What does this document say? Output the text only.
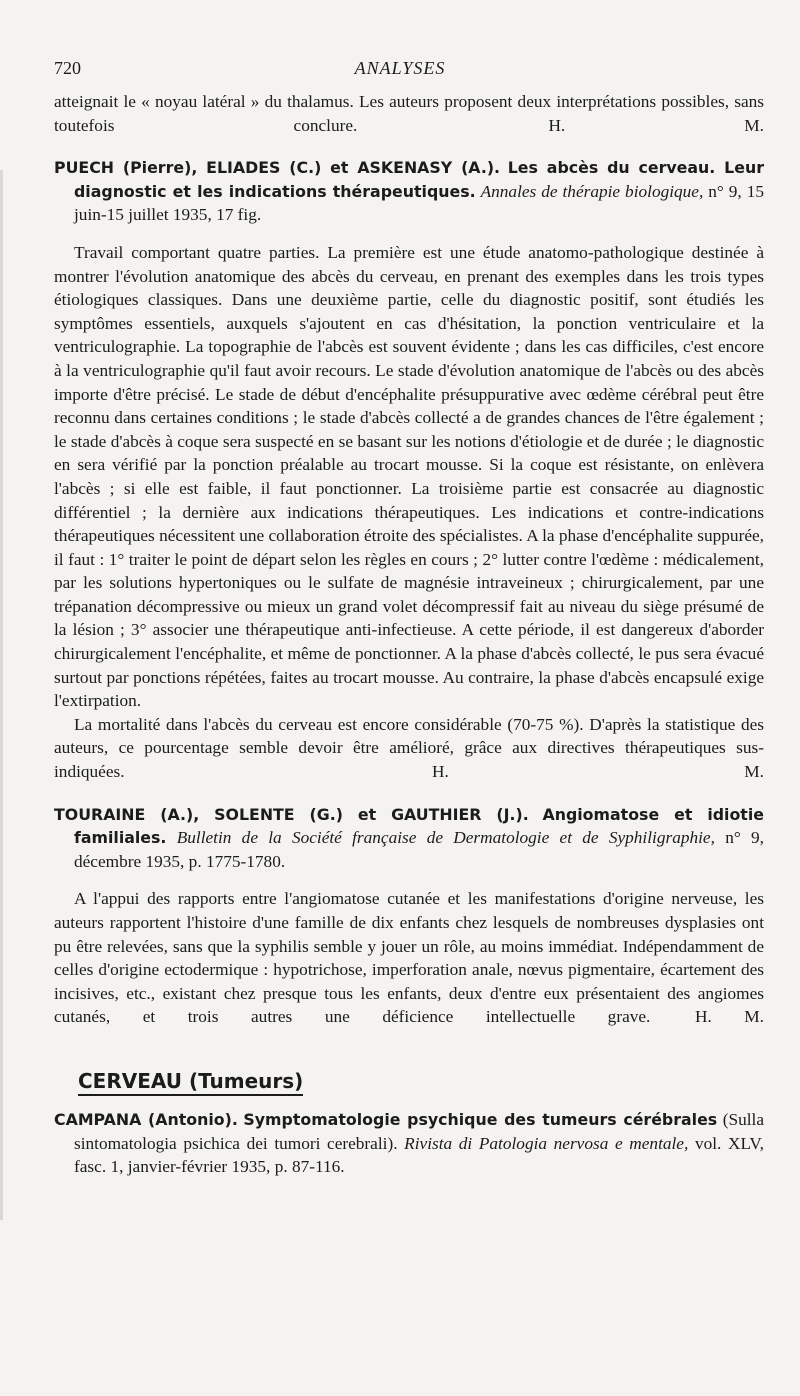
720	ANALYSES

atteignait le « noyau latéral » du thalamus. Les auteurs proposent deux interprétations possibles, sans toutefois conclure.	H. M.

PUECH (Pierre), ELIADES (C.) et ASKENASY (A.). Les abcès du cerveau. Leur diagnostic et les indications thérapeutiques. Annales de thérapie biologique, n° 9, 15 juin-15 juillet 1935, 17 fig.

Travail comportant quatre parties. La première est une étude anatomo-pathologique destinée à montrer l'évolution anatomique des abcès du cerveau, en prenant des exemples dans les trois types étiologiques classiques. Dans une deuxième partie, celle du diagnostic positif, sont étudiés les symptômes essentiels, auxquels s'ajoutent en cas d'hésitation, la ponction ventriculaire et la ventriculographie. La topographie de l'abcès est souvent évidente ; dans les cas difficiles, c'est encore à la ventriculographie qu'il faut avoir recours. Le stade d'évolution anatomique de l'abcès ou des abcès importe d'être précisé. Le stade de début d'encéphalite présuppurative avec œdème cérébral peut être reconnu dans certaines conditions ; le stade d'abcès collecté a de grandes chances de l'être également ; le stade d'abcès à coque sera suspecté en se basant sur les notions d'étiologie et de durée ; le diagnostic en sera vérifié par la ponction préalable au trocart mousse. Si la coque est résistante, on enlèvera l'abcès ; si elle est faible, il faut ponctionner. La troisième partie est consacrée au diagnostic différentiel ; la dernière aux indications thérapeutiques. Les indications et contre-indications thérapeutiques nécessitent une collaboration étroite des spécialistes. A la phase d'encéphalite suppurée, il faut : 1° traiter le point de départ selon les règles en cours ; 2° lutter contre l'œdème : médicalement, par les solutions hypertoniques ou le sulfate de magnésie intraveineux ; chirurgicalement, par une trépanation décompressive ou mieux un grand volet décompressif fait au niveau du siège présumé de la lésion ; 3° associer une thérapeutique anti-infectieuse. A cette période, il est dangereux d'aborder chirurgicalement l'encéphalite, et même de ponctionner. A la phase d'abcès collecté, le pus sera évacué surtout par ponctions répétées, faites au trocart mousse. Au contraire, la phase d'abcès encapsulé exige l'extirpation.

La mortalité dans l'abcès du cerveau est encore considérable (70-75 %). D'après la statistique des auteurs, ce pourcentage semble devoir être amélioré, grâce aux directives thérapeutiques sus-indiquées.	H. M.

TOURAINE (A.), SOLENTE (G.) et GAUTHIER (J.). Angiomatose et idiotie familiales. Bulletin de la Société française de Dermatologie et de Syphiligraphie, n° 9, décembre 1935, p. 1775-1780.

A l'appui des rapports entre l'angiomatose cutanée et les manifestations d'origine nerveuse, les auteurs rapportent l'histoire d'une famille de dix enfants chez lesquels de nombreuses dysplasies ont pu être relevées, sans que la syphilis semble y jouer un rôle, au moins immédiat. Indépendamment de celles d'origine ectodermique : hypotrichose, imperforation anale, nœvus pigmentaire, écartement des incisives, etc., existant chez presque tous les enfants, deux d'entre eux présentaient des angiomes cutanés, et trois autres une déficience intellectuelle grave.	H. M.

CERVEAU (Tumeurs)
CAMPANA (Antonio). Symptomatologie psychique des tumeurs cérébrales (Sulla sintomatologia psichica dei tumori cerebrali). Rivista di Patologia nervosa e mentale, vol. XLV, fasc. 1, janvier-février 1935, p. 87-116.
